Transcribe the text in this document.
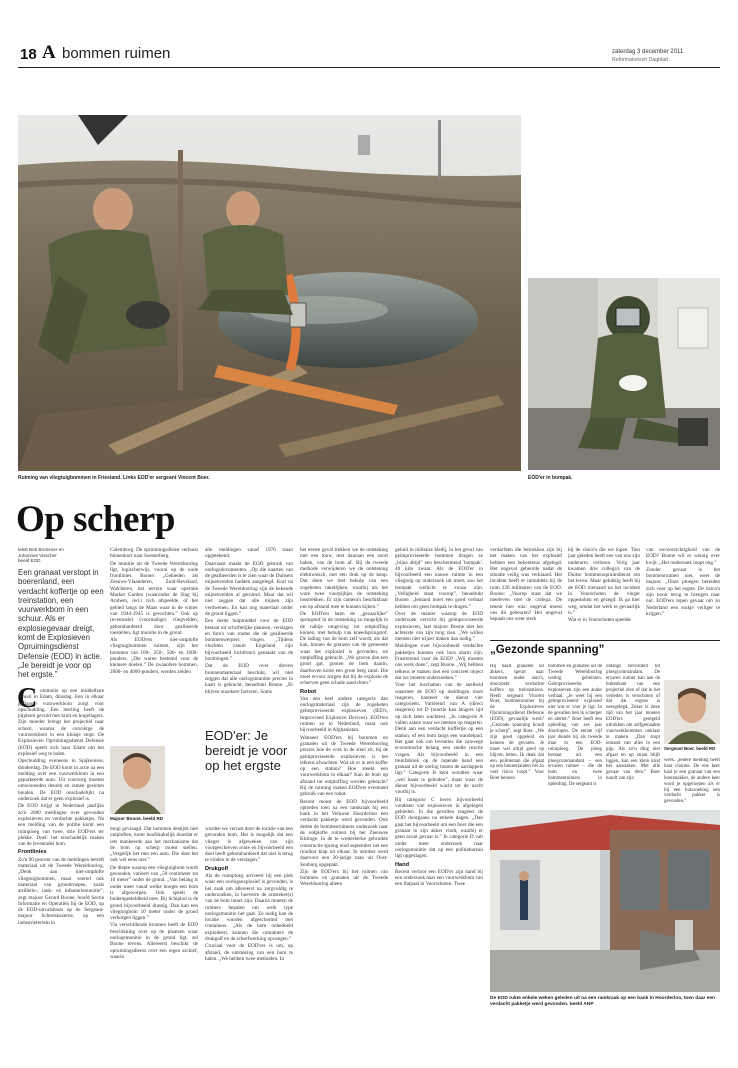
18 A bommen ruimen	zaterdag 3 december 2011
Reformatorisch Dagblad
Ruiming van vliegtuigbommen in Friesland. Links EOD'er sergeant Vincent Boer.	EOD'er in bompak.
Op scherp
tekst Bob Brommer en
Johannes Visscher
beeld EOD
Een granaat verstopt in boerenland, een verdacht koffertje op een treinstation, een vuurwerkbom in een schuur. Als er explosiegevaar dreigt, komt de Explosieven Opruimingsdienst Defensie (EOD) in actie. „Je bereidt je voor op het ergste.”
C ommotie op een middelbare school in Edam, dinsdag. Een in elkaar geflanste vuurwerkbom zorgt voor opschudding. Een leerling heeft de pijpbom gevuld met kruit en kogellagers. Zijn moeder brengt het projectiel naar school, waarna de conciërge de vuurwerkbom in een kluisje stopt. De Explosieven Opruimingsdienst Defensie (EOD) speelt zich naar Edam om het explosief weg te halen.

Opschudding eveneens in Spijkenisse, donderdag. De EOD komt in actie na een melding over een vuurwerkbom in een geparkeerde auto. Uit voorzorg moeten omwonenden deuren en ramen gesloten houden. De EOD onschadelijkt na onderzoek dat er geen explosief is.

De EOD krijgt in Nederland jaarlijks zo'n 2000 meldingen over gevonden explosieven en verdachte pakketjes. Na een melding van de politie komt een ruimploeg van twee, drie EOD'ers ter plekke. Doel: het onschadelijk maken van de leventadel bom.

Frontlinies

Zo'n 90 procent van de meldingen betreft materiaal uit de Tweede Wereldoorlog. „Denk aan niet-ontplofte vliegtuigbommen, maar veertel ook materiaal van grondtroepen, zoals artillerie-, tank- en infanteriemunitie”, zegt majoor Gerard Boone, hoofd Sectie Informatie en Operatiën bij de EOD, op de EOD-uitvalsbasis op de Sergeant-majoor Schreiskazerne, op een industrieterrein in

Culemborg. De opruimingsdienst verhuist binnenkort naar Soesterberg.

De munitie uit de Tweede Wereldoorlog ligt, logischerwijs, vooral op de oude frontlinies. Boone: „Gebieden als Zeeuws-Vlaanderen, Zuid-Beveland, Walcheren, het terrein waar operatie Market Garden (waaronder de Slag bij Arnhem, red.) zich afspeelde, of het gebied langs de Maas waar in de winter van 1944-1945 is gevochten.” Ook op (eventuele) (voormalige) vliegvelden, gebombardeerd door geallieerde toestellen, ligt munitie in de grond.

Als EOD'ers niet-ontplofte vliegtuigbommen ruimen, zijn het bommen van 100-, 250-, 500- en 1000-ponders. „Die waren bestemd voor de kleinere doelen.” De zwaardere bommen, 2000- en 4000-ponders, werden zelden

Majoor Boone. beeld RD

mogi gevraagd. Dat bommen destijds niet ontploften, komt hoofdzakelijk doordat er iets mankeerde aan het mechanisme dat de bom op scherp moest stellen. „Vergelijk het met een auto. Die doet het ook wel eens niet.”

De diepte waarop een vliegtuigbom wordt gevonden, varieert van „50 centimeter tot 10 meter” onder de grond. „Van belang is onder meer vanaf welke hoogte een bom is afgeworpen. Ook speelt de bodemgesteldheid mee. Bij Schiphol is de grond bijvoorbeeld drassig. Dan kan een vliegtuigbom 10 meter onder de grond verborgen liggen.”

Via verschillende bronnen heeft de EOD beschikking over op de plaatsen waar oorlogsmunitie in de grond ligt, zei Boone tevens. Allereerst beschikt de opruimingsdienst over een eigen archief, waarin

alle meldingen vanaf 1970 staan opgetekend.

Daarnaast maakt de EOD gebruik van oorlogsdocumenten. „Op die kaarten van de geallieerden is te zien waar de Duitsers mijnenvelden hadden aangelegd. Kort na de Tweede Wereldoorlog zijn de bekende mijnenvelden al geruimd. Maar dat wil niet zeggen dat alle mijnen zijn verdwenen. En kan nog materiaal onder de grond liggen.”

Een derde hulpmiddel voor de EOD bestaat uit schriftelijke plannen, verslagen en foto's van routes die de geallieerde bommenwerpers vlogen. „Tijdens vluchten vanuit Engeland zijn bijvoorbeeld luchtfoto's gemaakt van de bombingen.”

Dat de EOD over dreven bronnenmateriaal beschikt, wil niet zeggen dat alle oorlogsmunitie precies in kaart is gebracht, benadrukt Boone. „Er blijven onzekere factoren. Soms

EOD'er: Je bereidt je voor op het ergste

worden we verrast door de locatie van een gevonden bom. Het is mogelijk dat een vlieger is afgeweken van zijn voorgeschreven route en bijvoorbeeld een doel heeft gebombardeerd dat niet is terug te vinden in de verslagen.”

Drukgolf

Als de ruimploeg arriveert bij een plek waar een oorlogsexplosief is gevonden, is het zaak om allereerst na zorgvuldig te onderzoeken, in hoeverre de ontsteker(s) van de bom intact zijn. Daarna moeten de ruimers bepalen om welk type oorlogsmunitie het gaat. Zo nodig kan de locatie worden afgeschermd met containers. „Als de bom onbedoeld explodeert, kunnen die containers de drukgolf en de scherfwerking opvangen.”

Cruciaal voor de EOD'ers is om, op afstand, de ontsteking van een bom te halen. „We hebben twee methoden. In

het eerste geval trekken we de ontsteking met een touw, met daaraan een soort haken, van de bom af. Bij de tweede methode verwijderen we de ontsteking elektronisch, met een druk op de knop. Dat doen we met behulp van een zogeheten raketlijken, waarbij als het ware twee vuurpijltjes de ontsteking losstrekken. Er zijn camera's beschikbaar om op afstand mee te kunnen kijken.”

De EOD'ers laten de „gevaarlijke” springstof in de ontsteking zo mogelijk in de nabije omgeving tot ontploffing komen, met behulp van kneedspringstof. De lading van de bom zelf wordt, als dat kan, binnen de grenzen van de gemeente waar het explosief is gevonden, tot ontploffing gebracht. „We graven dan een groot gat, gooien de bom daarin, daarboven komt een grote berg zand. Die moet ervoor zorgen dat bij de explosie de scherven geen schade aanrichten.”

Robot

Van een heel andere categorie dan oorlogsmateriaal zijn de zogeheten geïmproviseerde explosieven (IED's, Improvised Explosive Devices). EOD'ers ruimen ze in Nederland, maar ook bijvoorbeeld in Afghanistan.

Wanneer EOD'ers bij bommen en granaten uit de Tweede Wereldoorlog precies hoe de vork in de steel zit, bij de geïmproviseerde explosieven is het telkens afwachten. Wat zit er in een koffer op een station? Hoe steekt een vuurwerkbom in elkaar? Kan de bom op afstand tot ontploffing worden gebracht? Bij de ruiming maken EOD'ers eventueel gebruik van een robot.

Recent moest de EOD bijvoorbeeld optreden toen na een ramkraak bij een bank in het Veluwse Hoorderloo een verdacht pakketje werd gevonden. Ook deden de bommenruimers onderzoek naar de ontplofte ruimen bij het Zeeuwse Kittinge. In de te westerkerke gebruikte constructie sprong eind september net een rioolkar klap uit elkaar. In oktober werd daarvoor een 20-jarige man uit Oost-Souburg opgepakt.

Zijn de EOD'ers bij het ruimen van bommen en granaten uit de Tweede Wereldoorlog alleen

geluld in militaire kledij, in het geval van geïmproviseerde bommen dragen ze „bijna altijd” een beschermend 'bompak'. 40 kilo zwaar. Als de EOD'er in bijvoorbeeld een nauwe ruimte in een vliegtuig op onderzoek uit moet, zou het bompak wellicht te zwaar zijn. „Veiligheid staat voorop”, benadrukt Boone. „Iemand moet een goed verhaal hebben om geen bompak te dragen.”

Over de manier waarop de EOD onderzoek verricht bij geïmproviseerde explosieven, laat majoor Boone niet het achterste van zijn tong zien. „We willen mensen niet wijzer maken dan nodig.”

Meldingen over bijvoorbeeld verdachte pakketjes kunnen ook loos alarm zijn. Frustrerend voor de EOD? „Wij moeten ons werk doen”, zegt Boone. „Wij hebben telkens te maken met een concreet object dat we moeten onderzoeken.”

Voor het inschatten van de snelheid waarmee de EOD op meldingen moet reageren, hanteert de dienst vier categorieën. Variërend van A (direct reageren) tot D (reactie kan langere tijd op zich laten wachten). „In categorie A vallen zaken waar we meteen op reageren. Denk aan een verdacht koffertje op een station, of een bom langs een wandelpad. Het gaat ook om leventies die vanwege economische belang een snelle reactie vragen. Als bijvoorbeeld in een treinfabriek op de lopende band een granaat uit de oorlog tussen de aardappels ligt.” Categorie B kent wondten waar „wel haast is geboden”, maar waar de dienst bijvoorbeeld wacht tot de nacht voorbij is.

Bij categorie C heren bijvoorbeeld vondsten van explosieven in afgelegen gebieden. In die gevallen reageert de EOD doorgaans na enkele dagen. „Dan gaat het bijvoorbeeld om een boer die een granaat in zijn akker vindt, waarbij er geen acuut gevaar is.” In categorie D valt onder meer onderzoek naar oorlogsmunitie dat op een politiebureau ligt opgeslagen.

Hand

Recent verloor een EOD'er zijn hand bij een onderzoek naar een vuurwerkbom van een flatpaal in Voorschoten. Twee

verdachten die betrokken zijn bij het maken van het explosief hebben een bekentenis afgelegd. Het ongeval gebeurde nadat de situatie veilig was verklaard. Het incident heeft er inmiddels bij de ruim 220 militairen van de EOD. Boone: „Voorop staat dat we meeleven met de collega. De teneur hier was: ongeval moest ons dit gebeuren? Het ongeval bepaalt ons weer sterk

bij de risico's die we lopen. Tien jaar geleden heeft een van ons zijn onderarm verloren. Verig jaar kwamen drie collega's van de Duitse bommenopruimdienst om het leven. Maar gelukkig heeft bij de EOD niemand na het incident in Voorschoten de vinger opgestoken en gezegd: Ik ga hier weg, omdat het werk te gevaarlijk is.”

Wat er in Voorschoten speelde

van onvoorzichtigheid van de EOD? Boone wil er weinig over kwijt. „Het onderzoek loopt nog.”

Zonder gevaar is het bommenruimen niet, weet de majoor. „Onze ploegen bereiden zich voor op het ergste. De risico's zijn nooit terug te brengen naar nul. EOD'ers lopen gevaar om zo Nederland een stukje veiliger te krijgen.”

„Gezonde spanning”

Hij haalt granaten uit akkers, speurt naar bommen onder auto's, doorzoekt verdachte koffers op treinstations. Heeft sergeant Vincent Boer, bommenruimer bij de Explosieven Opruimingsdienst Defensie (EOD), gevaarlijk werk? „Gezonde spanning houdt je scherp”, zegt Boer. „We zijn goed opgeleid en kennen de gevaren. Je moet wel altijd goed op blijven letten. Ik denk dat een politieman die afgaat op een bunnerlanden het zo veel risico loopt.” Voor Boer kennen

bommen en granaten uit de Tweede Wereldoorlog weinig geheimen. Geïmproviseerde explosieven zijn een ander verhaal. „Je weet bij een geïmproviseerd explosief niet wat er voor je ligt. In de gevallen ben ik scherper en alerter.” Boer heeft een opleiding van zes jaar doorlopen. De eerste vijf jaar diende hij als tweede man in een EOD-ruimploeg. De ploeg bestaat uit een ploegcommandant – een ervaren ruimer – die de bom en twee bommenruimers in opleiding. De sergeant is

onlangs bevorderd tot ploegcommandant. De ervaren ruimer kan aan de buitenkant van een projectiel zien of dat in het verleden is verschoten of dat dat ergens is neergelegd. Zeker is deze tijd van het jaar moeten EOD'ers geregeld uitrukken om zelfgemaakte vuurwerkbommen onklaar te maken. „Dan stopt iemand van alles in een pijp. Als zo'n ding niet afgaat en op straat blijft liggen, kan een klein kind het aanstaken. Met alle gevaar van dien.” Boer houdt van zijn

Sergeant Boer. beeld RD

werk. „Iedere melding heeft haar charme. De ene keer haal je een granaat van een boerenakker, de andere keer word je opgeroepen als er bij een huiszoeking een verdacht pakket is gevonden.”

De EOD rukte enkele weken geleden uit na een ramkraak op een bank in Hoorderloo, toen daar een verdacht pakketje werd gevonden. beeld ANP
